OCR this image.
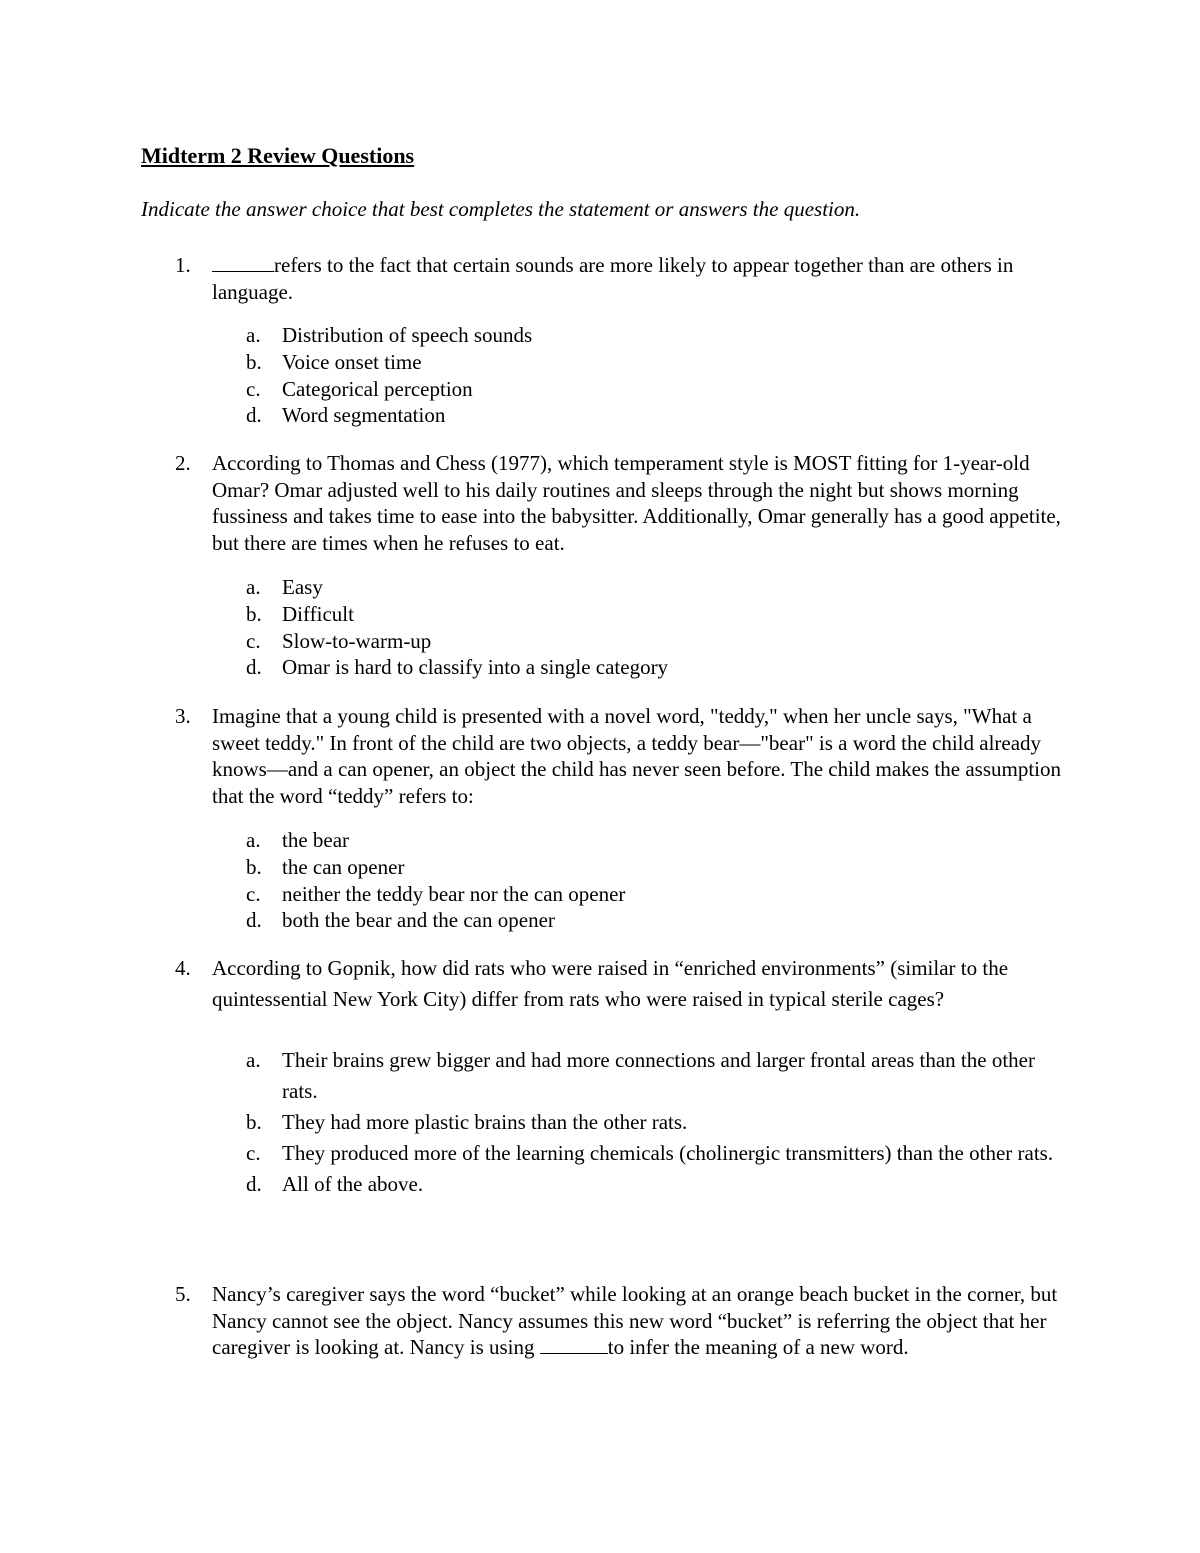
Midterm 2 Review Questions
Indicate the answer choice that best completes the statement or answers the question.
1.	refers to the fact that certain sounds are more likely to appear together than are others in language.
a. Distribution of speech sounds
b. Voice onset time
c. Categorical perception
d. Word segmentation
2. According to Thomas and Chess (1977), which temperament style is MOST fitting for 1-year-old Omar? Omar adjusted well to his daily routines and sleeps through the night but shows morning fussiness and takes time to ease into the babysitter. Additionally, Omar generally has a good appetite, but there are times when he refuses to eat.
a. Easy
b. Difficult
c. Slow-to-warm-up
d. Omar is hard to classify into a single category
3. Imagine that a young child is presented with a novel word, "teddy," when her uncle says, "What a sweet teddy." In front of the child are two objects, a teddy bear—"bear" is a word the child already knows—and a can opener, an object the child has never seen before. The child makes the assumption that the word “teddy” refers to:
a. the bear
b. the can opener
c. neither the teddy bear nor the can opener
d. both the bear and the can opener
4. According to Gopnik, how did rats who were raised in “enriched environments” (similar to the quintessential New York City) differ from rats who were raised in typical sterile cages?
a. Their brains grew bigger and had more connections and larger frontal areas than the other rats.
b. They had more plastic brains than the other rats.
c. They produced more of the learning chemicals (cholinergic transmitters) than the other rats.
d. All of the above.
5. Nancy’s caregiver says the word “bucket” while looking at an orange beach bucket in the corner, but Nancy cannot see the object. Nancy assumes this new word “bucket” is referring the object that her caregiver is looking at. Nancy is using	to infer the meaning of a new word.
